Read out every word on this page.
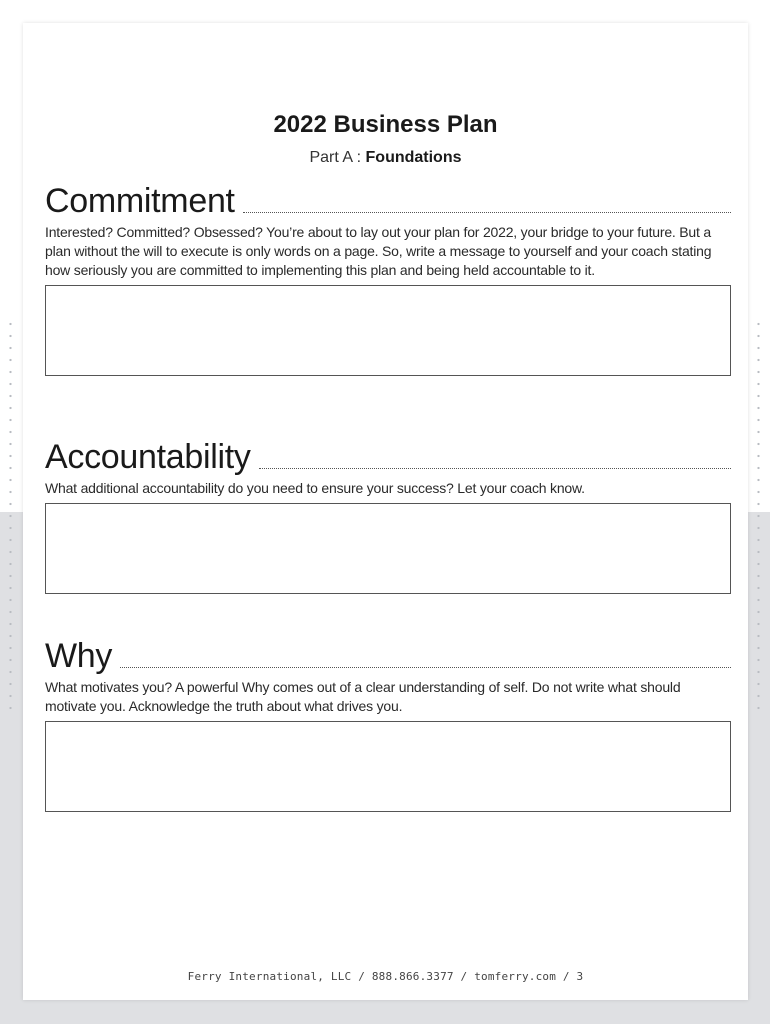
2022 Business Plan
Part A : Foundations
Commitment
Interested? Committed? Obsessed? You’re about to lay out your plan for 2022, your bridge to your future. But a plan without the will to execute is only words on a page. So, write a message to yourself and your coach stating how seriously you are committed to implementing this plan and being held accountable to it.
Accountability
What additional accountability do you need to ensure your success? Let your coach know.
Why
What motivates you? A powerful Why comes out of a clear understanding of self. Do not write what should motivate you. Acknowledge the truth about what drives you.
Ferry International, LLC / 888.866.3377 / tomferry.com / 3
